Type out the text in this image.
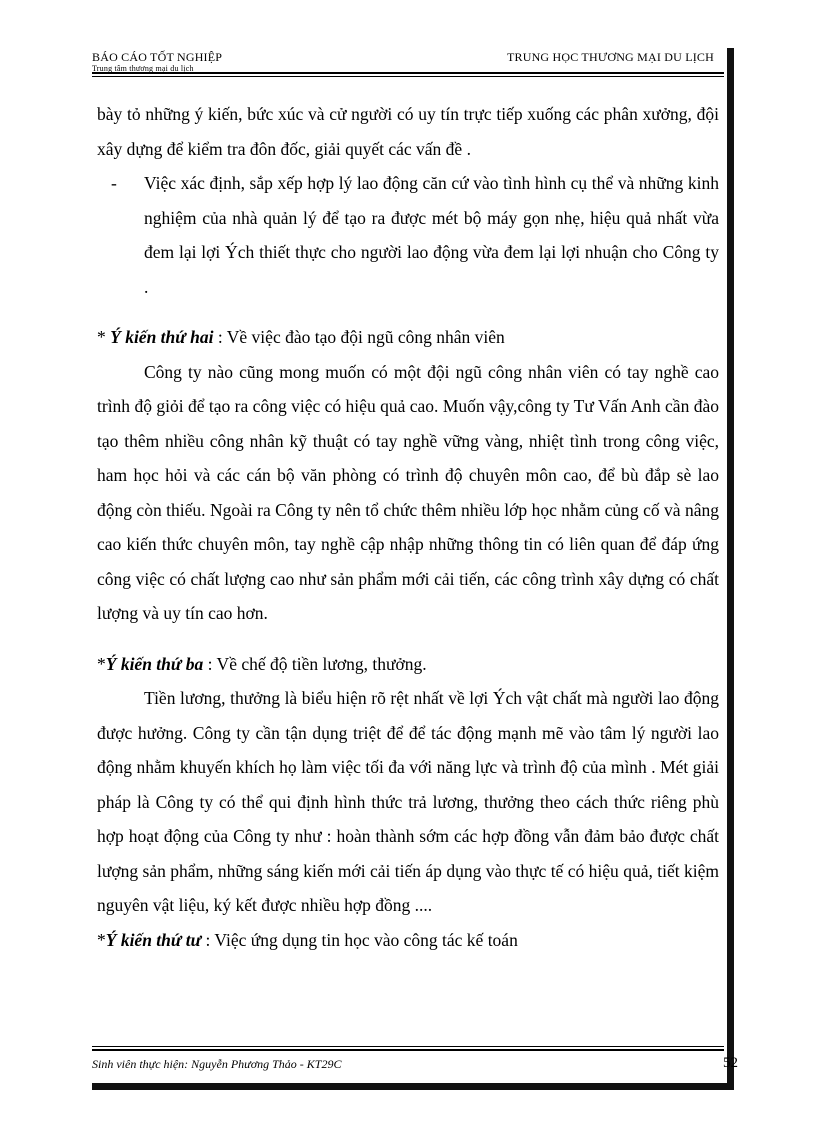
BÁO CÁO TỐT NGHIỆP
Trung tâm thương mại du lịch
TRUNG HỌC THƯƠNG MẠI DU LỊCH

bày tỏ những ý kiến, bức xúc và cử người có uy tín trực tiếp xuống các phân xưởng, đội xây dựng để kiểm tra đôn đốc, giải quyết các vấn đề .

- Việc xác định, sắp xếp hợp lý lao động căn cứ vào tình hình cụ thể và những kinh nghiệm của nhà quản lý để tạo ra được mét bộ máy gọn nhẹ, hiệu quả nhất vừa đem lại lợi Ých thiết thực cho người lao động vừa đem lại lợi nhuận cho Công ty .

* Ý kiến thứ hai : Về việc đào tạo đội ngũ công nhân viên

Công ty nào cũng mong muốn có một đội ngũ công nhân viên có tay nghề cao trình độ giỏi để tạo ra công việc có hiệu quả cao. Muốn vậy,công ty Tư Vấn Anh cần đào tạo thêm nhiều công nhân kỹ thuật có tay nghề vững vàng, nhiệt tình trong công việc, ham học hỏi và các cán bộ văn phòng có trình độ chuyên môn cao, để bù đắp sè lao động còn thiếu. Ngoài ra Công ty nên tổ chức thêm nhiều lớp học nhằm củng cố và nâng cao kiến thức chuyên môn, tay nghề cập nhập những thông tin có liên quan để đáp ứng công việc có chất lượng cao như sản phẩm mới cải tiến, các công trình xây dựng có chất lượng và uy tín cao hơn.

*Ý kiến thứ ba : Về chế độ tiền lương, thưởng.

Tiền lương, thưởng là biểu hiện rõ rệt nhất về lợi Ých vật chất mà người lao động được hưởng. Công ty cần tận dụng triệt để để tác động mạnh mẽ vào tâm lý người lao động nhằm khuyến khích họ làm việc tối đa với năng lực và trình độ của mình . Mét giải pháp là Công ty có thể qui định hình thức trả lương, thưởng theo cách thức riêng phù hợp hoạt động của Công ty như : hoàn thành sớm các hợp đồng vẫn đảm bảo được chất lượng sản phẩm, những sáng kiến mới cải tiến áp dụng vào thực tế có hiệu quả, tiết kiệm nguyên vật liệu, ký kết được nhiều hợp đồng ....

*Ý kiến thứ tư : Việc ứng dụng tin học vào công tác kế toán

Sinh viên thực hiện: Nguyễn Phương Thảo - KT29C	52
